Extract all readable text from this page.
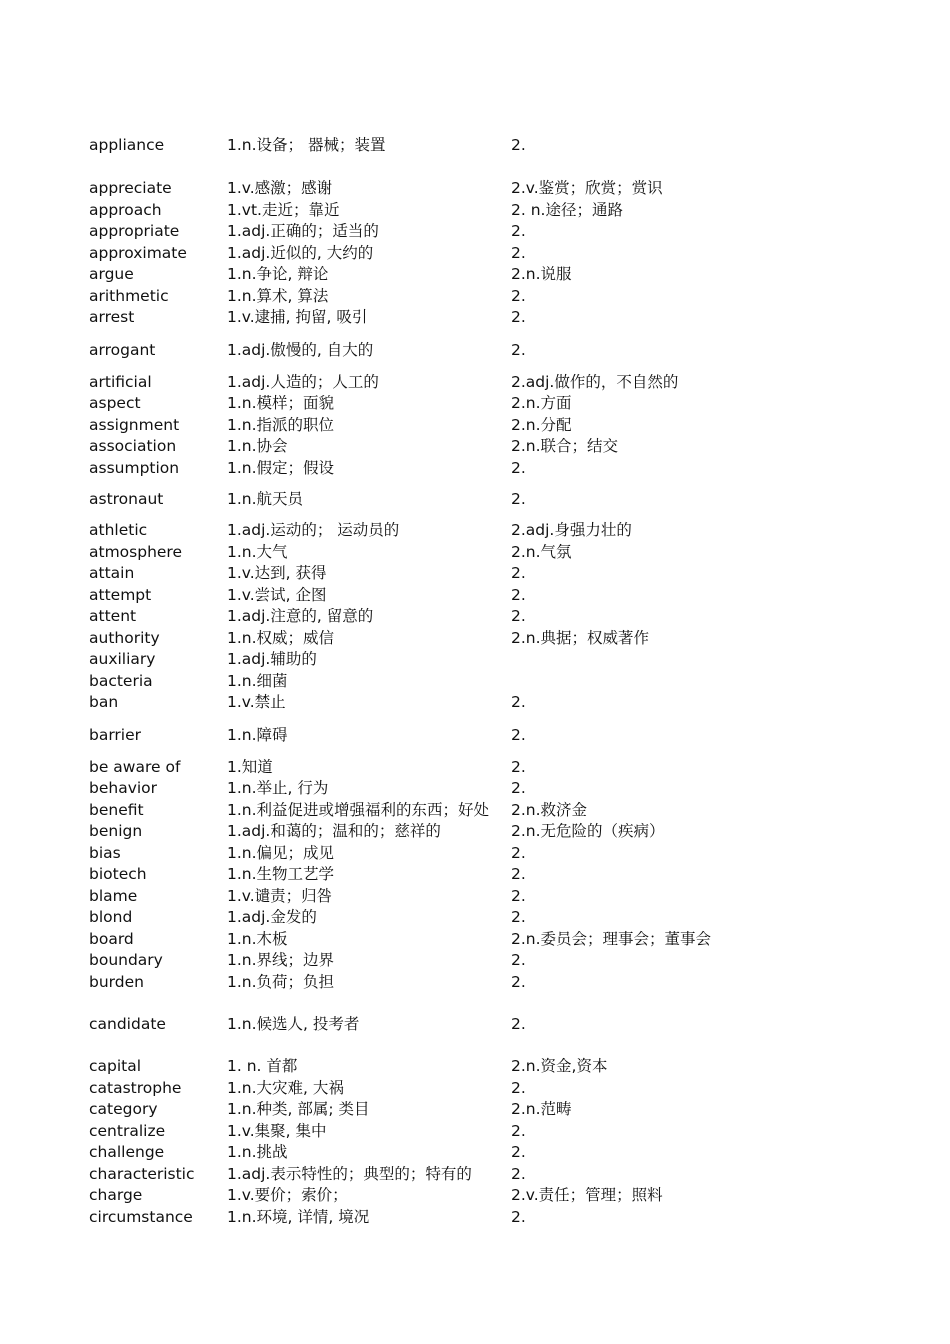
appliance	1.n.设备； 器械；装置	2.
appreciate	1.v.感激；感谢	2.v.鉴赏；欣赏；赏识
approach	1.vt.走近；靠近	2. n.途径；通路
appropriate	1.adj.正确的；适当的	2.
approximate	1.adj.近似的, 大约的	2.
argue	1.n.争论, 辩论	2.n.说服
arithmetic	1.n.算术, 算法	2.
arrest	1.v.逮捕, 拘留, 吸引	2.
arrogant	1.adj.傲慢的, 自大的	2.
artificial	1.adj.人造的；人工的	2.adj.做作的，不自然的
aspect	1.n.模样；面貌	2.n.方面
assignment	1.n.指派的职位	2.n.分配
association	1.n.协会	2.n.联合；结交
assumption	1.n.假定；假设	2.
astronaut	1.n.航天员	2.
athletic	1.adj.运动的； 运动员的	2.adj.身强力壮的
atmosphere	1.n.大气	2.n.气氛
attain	1.v.达到, 获得	2.
attempt	1.v.尝试, 企图	2.
attent	1.adj.注意的, 留意的	2.
authority	1.n.权威；威信	2.n.典据；权威著作
auxiliary	1.adj.辅助的
bacteria	1.n.细菌
ban	1.v.禁止	2.
barrier	1.n.障碍	2.
be aware of	1.知道	2.
behavior	1.n.举止, 行为	2.
benefit	1.n.利益促进或增强福利的东西；好处	2.n.救济金
benign	1.adj.和蔼的；温和的；慈祥的	2.n.无危险的（疾病）
bias	1.n.偏见；成见	2.
biotech	1.n.生物工艺学	2.
blame	1.v.谴责；归咎	2.
blond	1.adj.金发的	2.
board	1.n.木板	2.n.委员会；理事会；董事会
boundary	1.n.界线；边界	2.
burden	1.n.负荷；负担	2.
candidate	1.n.候选人, 投考者	2.
capital	1. n. 首都	2.n.资金,资本
catastrophe	1.n.大灾难, 大祸	2.
category	1.n.种类, 部属; 类目	2.n.范畴
centralize	1.v.集聚, 集中	2.
challenge	1.n.挑战	2.
characteristic 1.adj.表示特性的；典型的；特有的	2.
charge	1.v.要价；索价；	2.v.责任；管理；照料
circumstance 1.n.环境, 详情, 境况	2.
